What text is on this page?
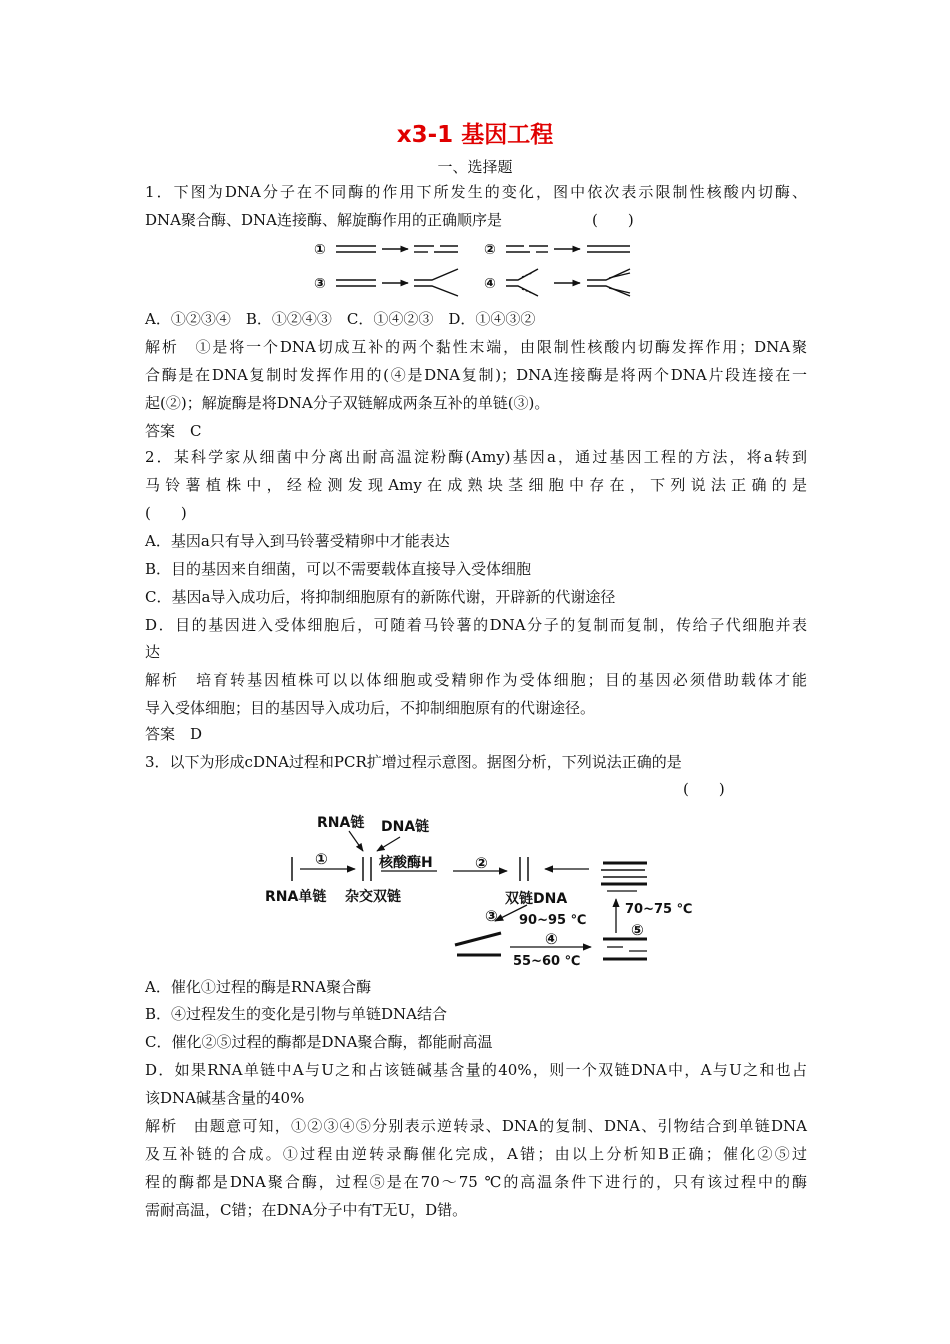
x3-1 基因工程
一、选择题
1．下图为DNA分子在不同酶的作用下所发生的变化，图中依次表示限制性核酸内切酶、
DNA聚合酶、DNA连接酶、解旋酶作用的正确顺序是　　　　　　(　　)
①	②
③	④
A．①②③④　B．①②④③　C．①④②③　D．①④③②
解析　①是将一个DNA切成互补的两个黏性末端，由限制性核酸内切酶发挥作用；DNA聚
合酶是在DNA复制时发挥作用的(④是DNA复制)；DNA连接酶是将两个DNA片段连接在一
起(②)；解旋酶是将DNA分子双链解成两条互补的单链(③)。
答案　C
2．某科学家从细菌中分离出耐高温淀粉酶(Amy)基因a，通过基因工程的方法，将a转到
马铃薯植株中，经检测发现Amy在成熟块茎细胞中存在，下列说法正确的是
(　　)
A．基因a只有导入到马铃薯受精卵中才能表达
B．目的基因来自细菌，可以不需要载体直接导入受体细胞
C．基因a导入成功后，将抑制细胞原有的新陈代谢，开辟新的代谢途径
D．目的基因进入受体细胞后，可随着马铃薯的DNA分子的复制而复制，传给子代细胞并表
达
解析　培育转基因植株可以以体细胞或受精卵作为受体细胞；目的基因必须借助载体才能
导入受体细胞；目的基因导入成功后，不抑制细胞原有的代谢途径。
答案　D
3．以下为形成cDNA过程和PCR扩增过程示意图。据图分析，下列说法正确的是
(　　)
RNA链 DNA链
①	核酸酶H	②
RNA单链 杂交双链	双链DNA
③ 90~95 ℃
70~75 ℃
④
55~60 ℃
⑤
A．催化①过程的酶是RNA聚合酶
B．④过程发生的变化是引物与单链DNA结合
C．催化②⑤过程的酶都是DNA聚合酶，都能耐高温
D．如果RNA单链中A与U之和占该链碱基含量的40%，则一个双链DNA中，A与U之和也占
该DNA碱基含量的40%
解析　由题意可知，①②③④⑤分别表示逆转录、DNA的复制、DNA、引物结合到单链DNA
及互补链的合成。①过程由逆转录酶催化完成，A错；由以上分析知B正确；催化②⑤过
程的酶都是DNA聚合酶，过程⑤是在70～75 ℃的高温条件下进行的，只有该过程中的酶
需耐高温，C错；在DNA分子中有T无U，D错。
